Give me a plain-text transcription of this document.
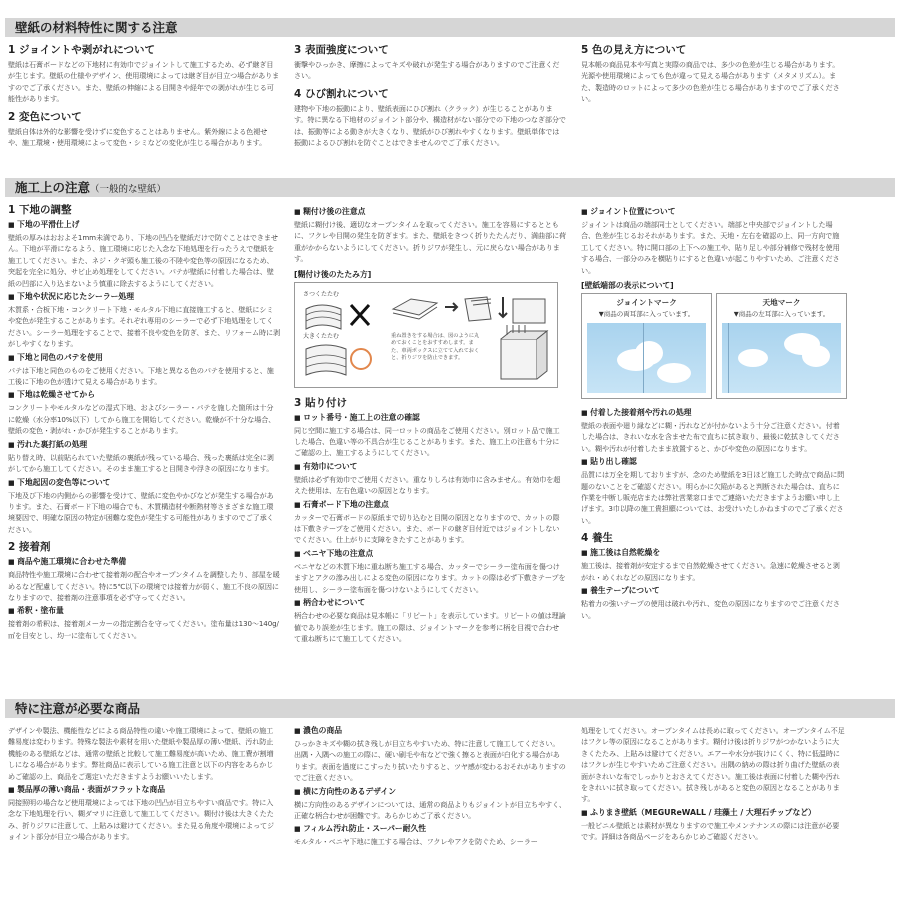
壁紙の材料特性に関する注意
1 ジョイントや剥がれについて

壁紙は石膏ボードなどの下地材に有効巾でジョイントして施工するため、必ず継ぎ目が生じます。壁紙の仕様やデザイン、使用環境によっては継ぎ目が目立つ場合がありますのでご了承ください。また、壁紙の伸縮による目開きや経年での剥がれが生じる可能性があります。

2 変色について

壁紙自体は外的な影響を受けずに変色することはありません。紫外線による色褪せや、施工環境・使用環境によって変色・シミなどの変化が生じる場合があります。

3 表面強度について

衝撃やひっかき、摩擦によってキズや破れが発生する場合がありますのでご注意ください。

4 ひび割れについて

建物や下地の振動により、壁紙表面にひび割れ（クラック）が生じることがあります。特に異なる下地材のジョイント部分や、構造材がない部分での下地のつなぎ部分では、振動等による動きが大きくなり、壁紙がひび割れやすくなります。壁紙単体では振動によるひび割れを防ぐことはできませんのでご了承ください。

5 色の見え方について

見本帳の商品見本や写真と実際の商品では、多少の色差が生じる場合があります。光源や使用環境によっても色が違って見える場合があります（メタメリズム）。また、製造時のロットによって多少の色差が生じる場合がありますのでご了承ください。

施工上の注意（一般的な壁紙）
1 下地の調整
■ 下地の平滑仕上げ

壁紙の厚みはおおよそ1mm未満であり、下地の凹凸を壁紙だけで防ぐことはできません。下地が平滑になるよう、施工環境に応じた入念な下地処理を行ったうえで壁紙を施工してください。また、ネジ・クギ頭も施工後の不陸や変色等の原因になるため、突起を完全に処分、サビ止め処理をしてください。パテが壁紙に付着した場合は、壁紙の凹部に入り込まないよう慎重に除去するようにしてください。

■ 下地や状況に応じたシーラー処理

木質系・合板下地・コンクリート下地・モルタル下地に直接施工すると、壁紙にシミや変色が発生することがあります。それぞれ専用のシーラーで必ず下地処理をしてください。シーラー処理をすることで、接着不良や変色を防ぎ、また、リフォーム時に剥がしやすくなります。

■ 下地と同色のパテを使用

パテは下地と同色のものをご使用ください。下地と異なる色のパテを使用すると、施工後に下地の色が透けて見える場合があります。

■ 下地は乾燥させてから

コンクリートやモルタルなどの湿式下地、およびシーラー・パテを施した箇所は十分に乾燥（水分率10%以下）してから施工を開始してください。乾燥が不十分な場合、壁紙の変色・剥がれ・かびが発生することがあります。

■ 汚れた裏打紙の処理

貼り替え時、以前貼られていた壁紙の裏紙が残っている場合、残った裏紙は完全に剥がしてから施工してください。そのまま施工すると目開きや浮きの原因になります。

■ 下地起因の変色等について

下地及び下地の内側からの影響を受けて、壁紙に変色やかびなどが発生する場合があります。また、石膏ボード下地の場合でも、木質構造材や断熱材等さまざまな施工環境要因で、明確な原因の特定が困難な変色が発生する可能性がありますのでご了承ください。

2 接着剤
■ 商品や施工環境に合わせた準備

商品特性や施工環境に合わせて接着剤の配合やオープンタイムを調整したり、部屋を暖めるなど配慮してください。特に5℃以下の環境では接着力が弱く、施工不良の原因になりますので、接着剤の注意事項を必ず守ってください。

■ 希釈・塗布量

接着剤の希釈は、接着剤メーカーの指定割合を守ってください。塗布量は130～140g/㎡を目安とし、均一に塗布してください。

■ 糊付け後の注意点

壁紙に糊付け後、適切なオープンタイムを取ってください。施工を容易にするとともに、フクレや目開の発生を防ぎます。また、壁紙をきつく折りたたんだり、満曲部に荷重がかからないようにしてください。折りジワが発生し、元に戻らない場合があります。

[糊付け後のたたみ方]
さつくたたむ
大きくたたむ	重ね置きをする場合は、図のように丸めておくことをおすすめします。また、車両ボックスに立てて入れておくと、折りジワを防止できます。
3 貼り付け
■ ロット番号・施工上の注意の確認

同じ空間に施工する場合は、同一ロットの商品をご使用ください。別ロット品で施工した場合、色違い等の不具合が生じることがあります。また、施工上の注意も十分にご確認の上、施工するようにしてください。

■ 有効巾について

壁紙は必ず有効巾でご使用ください。重なりしろは有効巾に含みません。有効巾を超えた使用は、左右色違いの原因となります。

■ 石膏ボード下地の注意点

カッターで石膏ボードの原紙まで切り込むと目開の原因となりますので、カットの際は下敷きテープをご使用ください。また、ボードの継ぎ目付近ではジョイントしないでください。仕上がりに支障をきたすことがあります。

■ ベニヤ下地の注意点

ベニヤなどの木質下地に重ね断ち施工する場合、カッターでシーラー塗布面を傷つけますとアクの滲み出しによる変色の原因になります。カットの際は必ず下敷きテープを使用し、シーラー塗布面を傷つけないようにしてください。

■ 柄合わせについて

柄合わせの必要な商品は見本帳に「リピート」を表示しています。リピートの値は理論値であり誤差が生じます。施工の際は、ジョイントマークを参考に柄を目視で合わせて重ね断ちにて施工してください。

■ ジョイント位置について

ジョイントは商品の端部同士としてください。端部と中央部でジョイントした場合、色差が生じるおそれがあります。また、天地・左右を確認の上、同一方向で施工してください。特に開口部の上下への施工や、貼り足しや部分補修で残材を使用する場合、一部分のみを横貼りにすると色違いが起こりやすいため、ご注意ください。

[壁紙端部の表示について]
ジョイントマーク
▼商品の両耳部に入っています。
天地マーク
▼商品の左耳部に入っています。
■ 付着した接着剤や汚れの処理

壁紙の表面や廻り縁などに糊・汚れなどが付かないよう十分ご注意ください。付着した場合は、きれいな水を含ませた布で直ちに拭き取り、最後に乾拭きしてください。糊や汚れが付着したまま放置すると、かびや変色の原因になります。

■ 貼り出し確認

品質には万全を期しておりますが、念のため壁紙を3日ほど施工した時点で商品に問題のないことをご確認ください。明らかに欠陥があると判断された場合は、直ちに作業を中断し販売店または弊社営業窓口までご連絡いただきますようお願い申し上げます。3巾以降の施工貴担願については、お受けいたしかねますのでご了承ください。

4 養生
■ 施工後は自然乾燥を

施工後は、接着剤が安定するまで自然乾燥させてください。急速に乾燥させると剥がれ・めくれなどの原因になります。

■ 養生テープについて

粘着力の強いテープの使用は破れや汚れ、変色の原因になりますのでご注意ください。

特に注意が必要な商品

デザインや製法、機能性などによる商品特性の違いや施工環境によって、壁紙の施工難易度は変わります。特殊な製法や素材を用いた壁紙や製品厚の薄い壁紙、汚れ防止機能のある壁紙などは、通常の壁紙と比較して施工難易度が高いため、施工費が割増しになる場合があります。弊社商品に表示している施工注意と以下の内容をあらかじめご確認の上、商品をご選定いただきますようお願いいたします。

■ 製品厚の薄い商品・表面がフラットな商品

同接照明の場合など使用環境によっては下地の凹凸が目立ちやすい商品です。特に入念な下地処理を行い、糊ダマリに注意して施工してください。糊付け後は大きくたたみ、折りジワに注意して、上貼みは避けてください。また見る角度や環境によってジョイント部分が目立つ場合があります。

■ 濃色の商品

ひっかきキズや糊の拭き残しが目立ちやすいため、特に注意して施工してください。出隅・入隅への施工の際に、硬い刷毛や布などで強く擦ると表面が白化する場合があります。表面を過度にこすったり拭いたりすると、ツヤ感が変わるおそれがありますのでご注意ください。

■ 横に方向性のあるデザイン

横に方向性のあるデザインについては、通常の商品よりもジョイントが目立ちやすく、正確な柄合わせが困難です。あらかじめご了承ください。

■ フィルム汚れ防止・スーパー耐久性

モルタル・ベニヤ下地に施工する場合は、フクレやアクを防ぐため、シーラー

処理をしてください。オープンタイムは長めに取ってください。オープンタイム不足はフクレ等の原因になることがあります。糊付け後は折りジワがつかないように大きくたたみ、上貼みは避けてください。エアーや水分が抜けにくく、特に低温時にはフクレが生じやすいためご注意ください。出隅の納めの際は折り曲げた壁紙の表面がきれいな布でしっかりとおさえてください。施工後は表面に付着した糊や汚れをきれいに拭き取ってください。拭き残しがあると変色の原因となることがあります。

■ ふりまき壁紙（MEGUReWALL / 珪藻土 / 大理石チップなど）

一般ビニル壁紙とは素材が異なりますので施工やメンテナンスの際には注意が必要です。詳細は各商品ページをあらかじめご確認ください。
